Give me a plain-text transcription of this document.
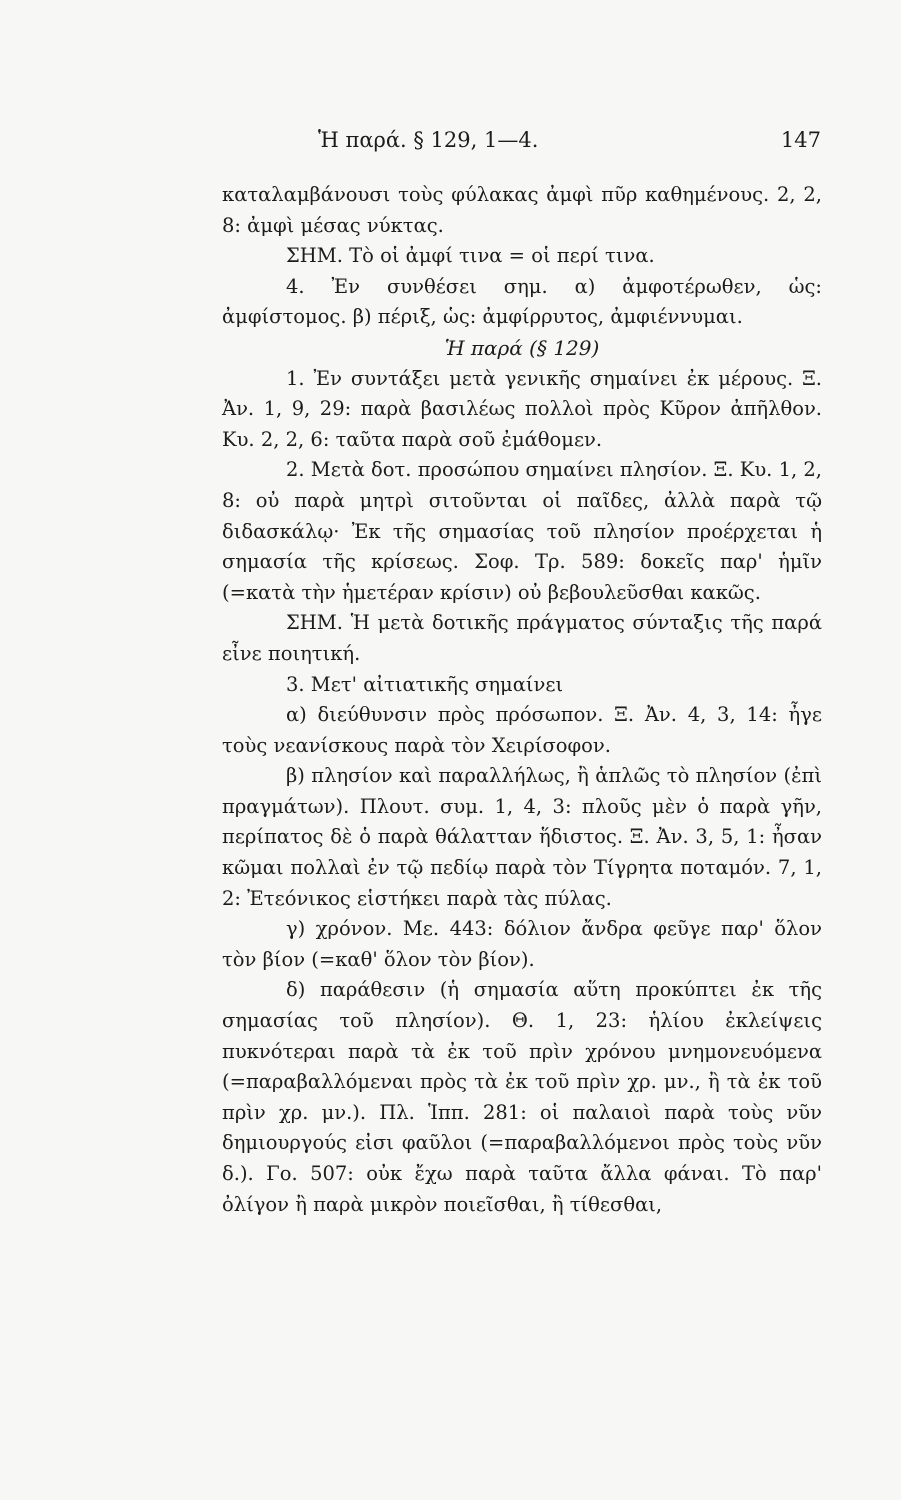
Ἡ παρά. § 129, 1—4.	147

καταλαμβάνουσι τοὺς φύλακας ἀμφὶ πῦρ καθημένους. 2, 2, 8: ἀμφὶ μέσας νύκτας.

ΣΗΜ. Τὸ οἱ ἀμφί τινα = οἱ περί τινα.

4. Ἐν συνθέσει σημ. α) ἀμφοτέρωθεν, ὡς: ἀμφίστομος. β) πέριξ, ὡς: ἀμφίρρυτος, ἀμφιέννυμαι.

Ἡ παρά (§ 129)

1. Ἐν συντάξει μετὰ γενικῆς σημαίνει ἐκ μέρους. Ξ. Ἀν. 1, 9, 29: παρὰ βασιλέως πολλοὶ πρὸς Κῦρον ἀπῆλθον. Κυ. 2, 2, 6: ταῦτα παρὰ σοῦ ἐμάθομεν.

2. Μετὰ δοτ. προσώπου σημαίνει πλησίον. Ξ. Κυ. 1, 2, 8: οὐ παρὰ μητρὶ σιτοῦνται οἱ παῖδες, ἀλλὰ παρὰ τῷ διδασκάλῳ· Ἐκ τῆς σημασίας τοῦ πλησίον προέρχεται ἡ σημασία τῆς κρίσεως. Σοφ. Τρ. 589: δοκεῖς παρ' ἡμῖν (=κατὰ τὴν ἡμετέραν κρίσιν) οὐ βεβουλεῦσθαι κακῶς.

ΣΗΜ. Ἡ μετὰ δοτικῆς πράγματος σύνταξις τῆς παρά εἶνε ποιητική.

3. Μετ' αἰτιατικῆς σημαίνει

α) διεύθυνσιν πρὸς πρόσωπον. Ξ. Ἀν. 4, 3, 14: ἦγε τοὺς νεανίσκους παρὰ τὸν Χειρίσοφον.

β) πλησίον καὶ παραλλήλως, ἢ ἁπλῶς τὸ πλησίον (ἐπὶ πραγμάτων). Πλουτ. συμ. 1, 4, 3: πλοῦς μὲν ὁ παρὰ γῆν, περίπατος δὲ ὁ παρὰ θάλατταν ἥδιστος. Ξ. Ἀν. 3, 5, 1: ἦσαν κῶμαι πολλαὶ ἐν τῷ πεδίῳ παρὰ τὸν Τίγρητα ποταμόν. 7, 1, 2: Ἐτεόνικος εἱστήκει παρὰ τὰς πύλας.

γ) χρόνον. Με. 443: δόλιον ἄνδρα φεῦγε παρ' ὅλον τὸν βίον (=καθ' ὅλον τὸν βίον).

δ) παράθεσιν (ἡ σημασία αὕτη προκύπτει ἐκ τῆς σημασίας τοῦ πλησίον). Θ. 1, 23: ἡλίου ἐκλείψεις πυκνότεραι παρὰ τὰ ἐκ τοῦ πρὶν χρόνου μνημονευόμενα (=παραβαλλόμεναι πρὸς τὰ ἐκ τοῦ πρὶν χρ. μν., ἢ τὰ ἐκ τοῦ πρὶν χρ. μν.). Πλ. Ἱππ. 281: οἱ παλαιοὶ παρὰ τοὺς νῦν δημιουργούς εἰσι φαῦλοι (=παραβαλλόμενοι πρὸς τοὺς νῦν δ.). Γο. 507: οὐκ ἔχω παρὰ ταῦτα ἄλλα φάναι. Τὸ παρ' ὀλίγον ἢ παρὰ μικρὸν ποιεῖσθαι, ἢ τίθεσθαι,
